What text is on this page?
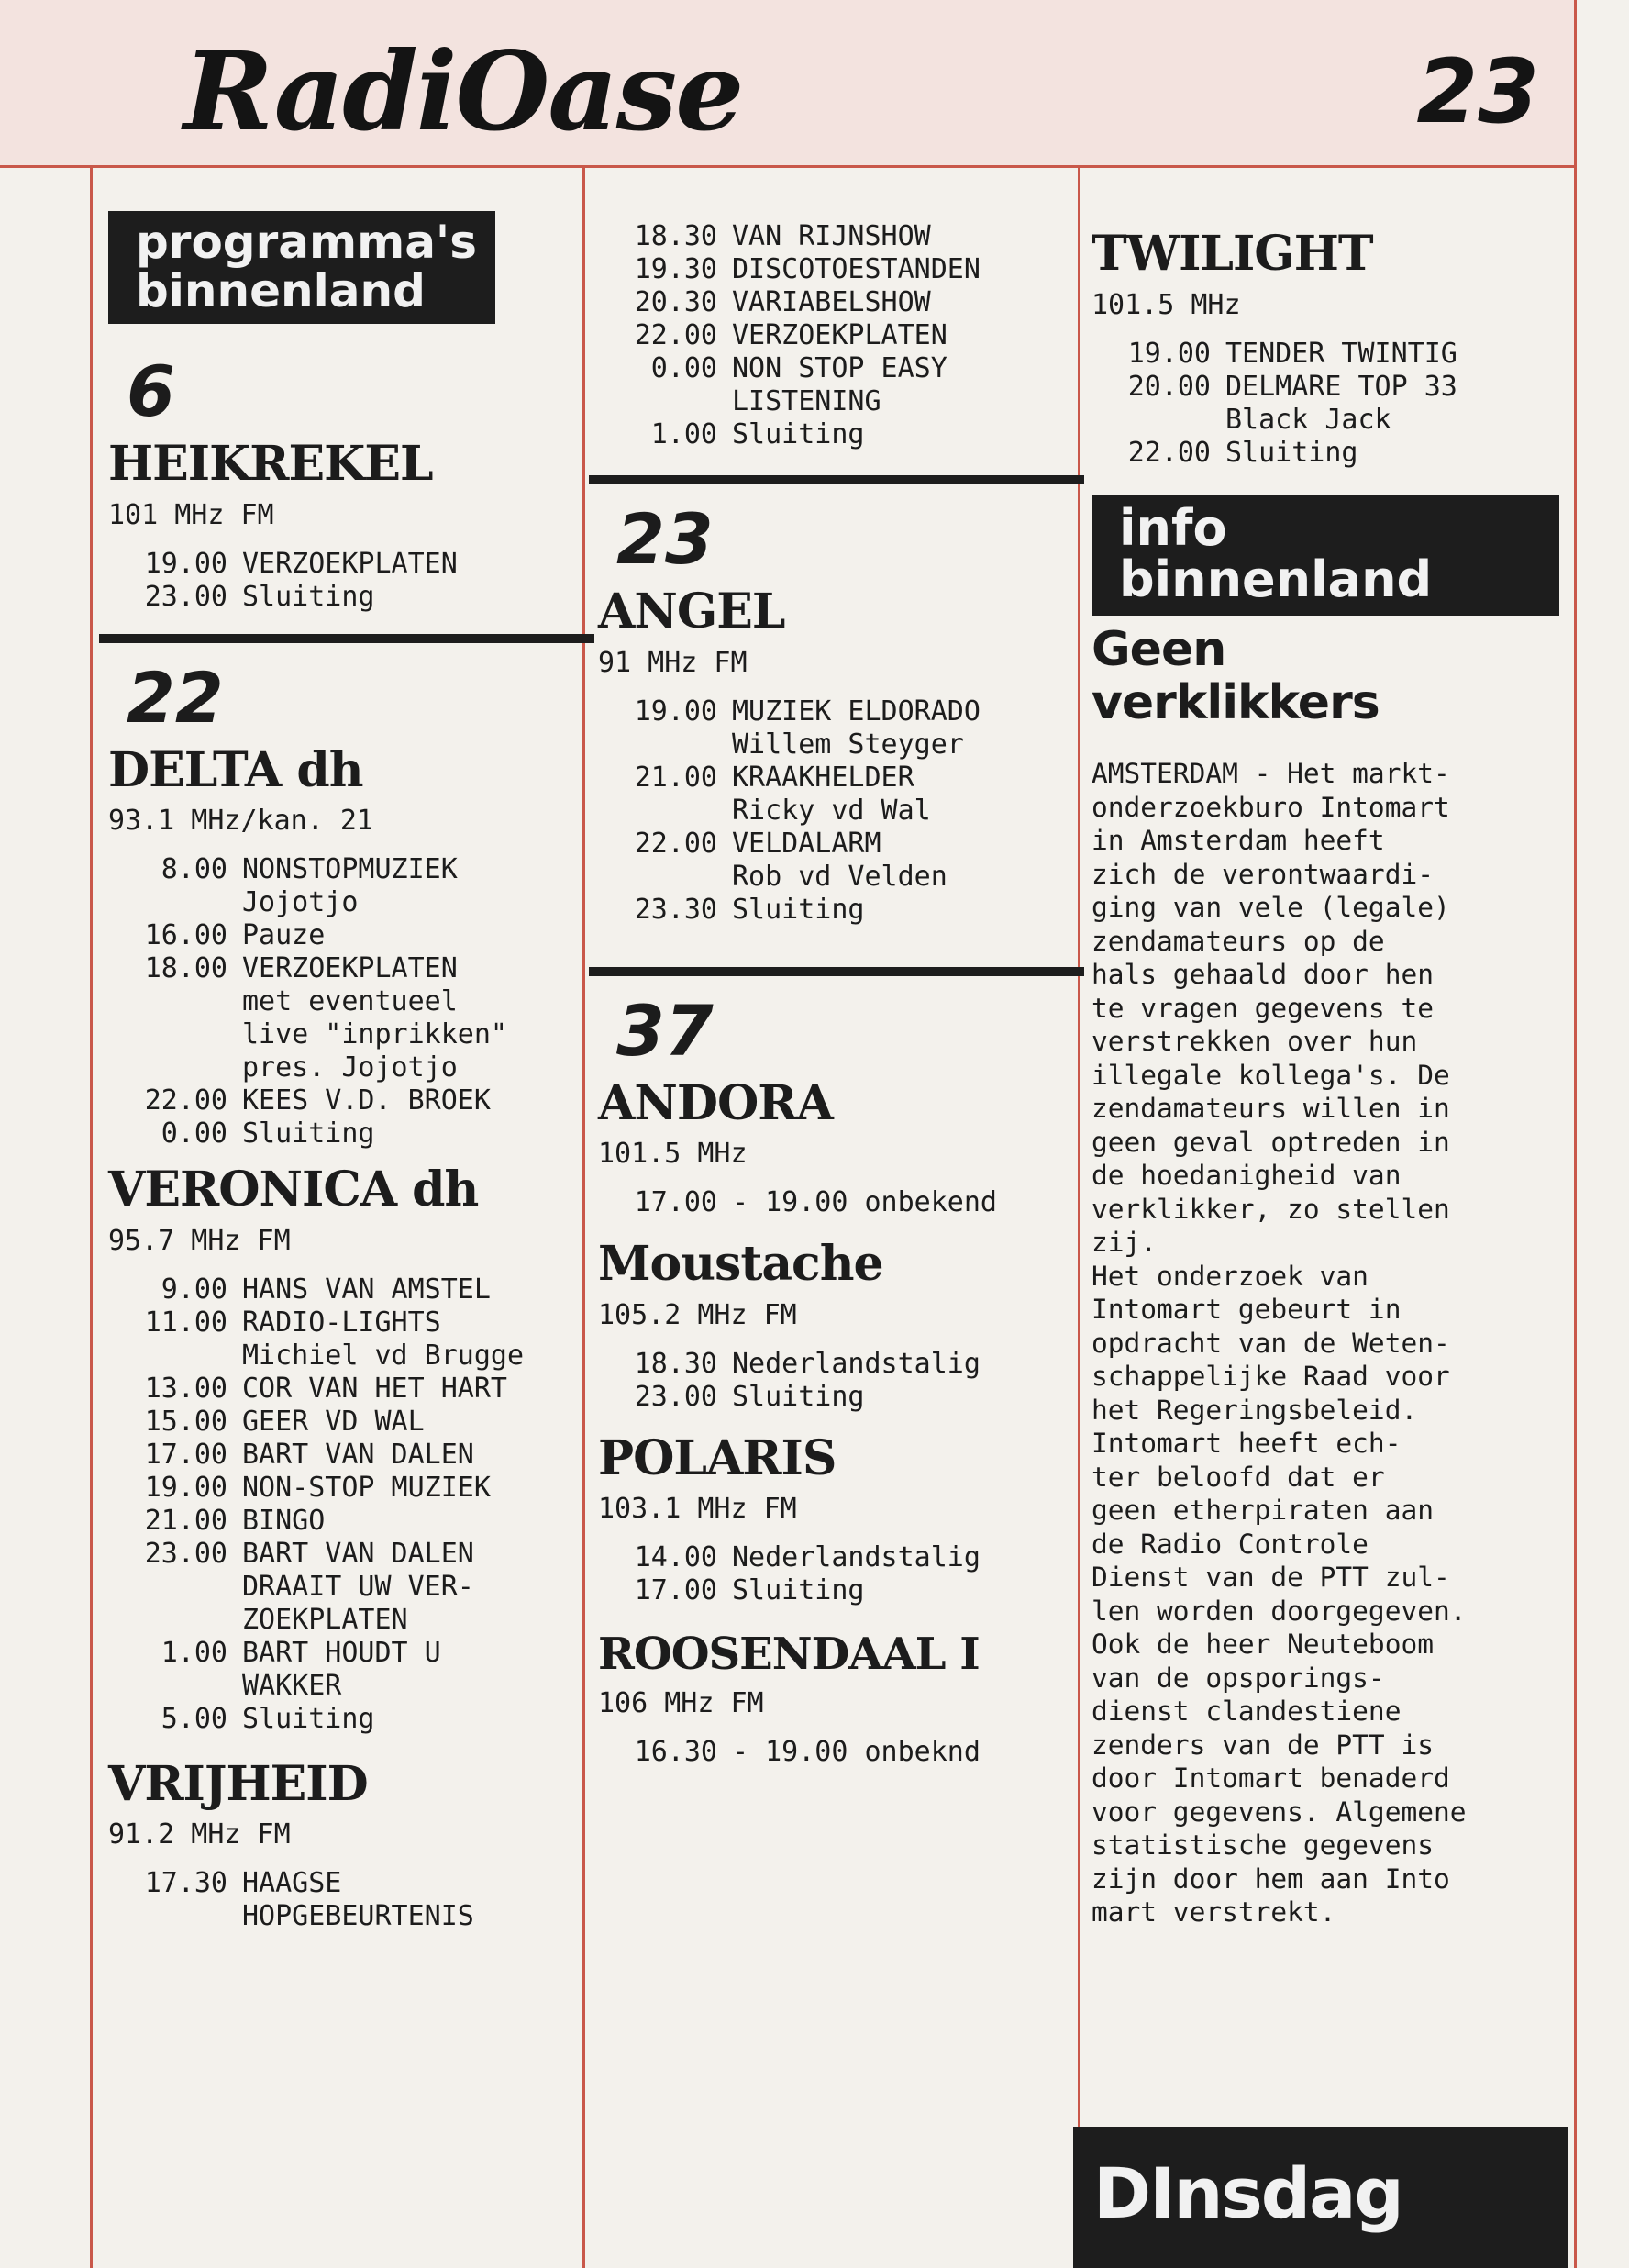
RadiOase	23
programma's
binnenland
6
HEIKREKEL
101 MHz FM
19.00 VERZOEKPLATEN
23.00 Sluiting
22
DELTA dh
93.1 MHz/kan. 21
8.00 NONSTOPMUZIEK
Jojotjo
16.00 Pauze
18.00 VERZOEKPLATEN
met eventueel
live "inprikken"
pres. Jojotjo
22.00 KEES V.D. BROEK
0.00 Sluiting
VERONICA dh
95.7 MHz FM
9.00 HANS VAN AMSTEL
11.00 RADIO-LIGHTS
Michiel vd Brugge
13.00 COR VAN HET HART
15.00 GEER VD WAL
17.00 BART VAN DALEN
19.00 NON-STOP MUZIEK
21.00 BINGO
23.00 BART VAN DALEN
DRAAIT UW VER-
ZOEKPLATEN
1.00 BART HOUDT U
WAKKER
5.00 Sluiting
VRIJHEID
91.2 MHz FM
17.30 HAAGSE
HOPGEBEURTENIS
18.30 VAN RIJNSHOW
19.30 DISCOTOESTANDEN
20.30 VARIABELSHOW
22.00 VERZOEKPLATEN
0.00 NON STOP EASY
LISTENING
1.00 Sluiting
23
ANGEL
91 MHz FM
19.00 MUZIEK ELDORADO
Willem Steyger
21.00 KRAAKHELDER
Ricky vd Wal
22.00 VELDALARM
Rob vd Velden
23.30 Sluiting
37
ANDORA
101.5 MHz
17.00 - 19.00 onbekend
Moustache
105.2 MHz FM
18.30 Nederlandstalig
23.00 Sluiting
POLARIS
103.1 MHz FM
14.00 Nederlandstalig
17.00 Sluiting
ROOSENDAAL I
106 MHz FM
16.30 - 19.00 onbeknd
TWILIGHT
101.5 MHz
19.00 TENDER TWINTIG
20.00 DELMARE TOP 33
Black Jack
22.00 Sluiting
info
binnenland
Geen
verklikkers

AMSTERDAM - Het markt-
onderzoekburo Intomart
in Amsterdam heeft
zich de verontwaardi-
ging van vele (legale)
zendamateurs op de
hals gehaald door hen
te vragen gegevens te
verstrekken over hun
illegale kollega's. De
zendamateurs willen in
geen geval optreden in
de hoedanigheid van
verklikker, zo stellen
zij.
Het onderzoek van
Intomart gebeurt in
opdracht van de Weten-
schappelijke Raad voor
het Regeringsbeleid.
Intomart heeft ech-
ter beloofd dat er
geen etherpiraten aan
de Radio Controle
Dienst van de PTT zul-
len worden doorgegeven.
Ook de heer Neuteboom
van de opsporings-
dienst clandestiene
zenders van de PTT is
door Intomart benaderd
voor gegevens. Algemene
statistische gegevens
zijn door hem aan Into
mart verstrekt.

DInsdag
